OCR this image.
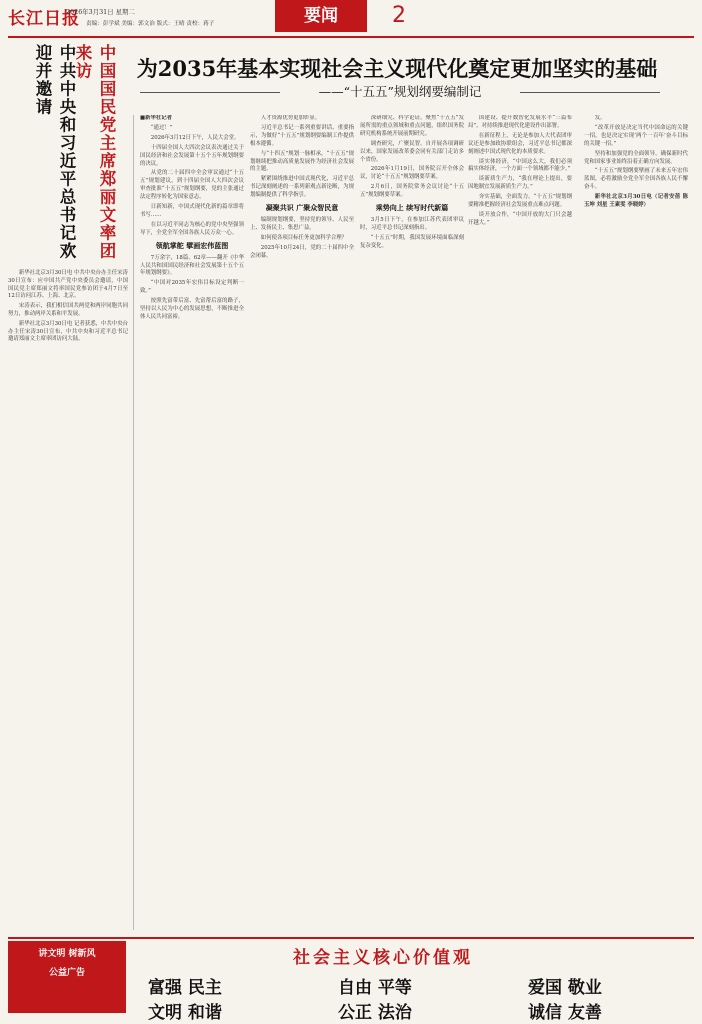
长江日报
2026年3月31日 星期二
责编：彭学斌 美编：郭文治 版式：王晴 责校：蒋子	要闻	2
中国国民党主席郑丽文率团来访
中共中央和习近平总书记欢迎并邀请

新华社北京3月30日电 中共中央台办主任宋涛30日宣布：应中国共产党中央委员会邀请，中国国民党主席郑丽文将率国民党参访团于4月7日至12日访问江苏、上海、北京。

宋涛表示，我们相信国共两党和两岸同胞共同努力，推动两岸关系和平发展。

新华社北京3月30日电 记者获悉，中共中央台办主任宋涛30日宣布，中共中央和习近平总书记邀请郑丽文主席率团访问大陆。

为2035年基本实现社会主义现代化奠定更加坚实的基础
——“十五五”规划纲要编制记

■新华社记者

“通过！”

2026年3月12日下午，人民大会堂。

十四届全国人大四次会议表决通过关于国民经济和社会发展第十五个五年规划纲要的决议。

从党的二十届四中全会审议通过“十五五”规划建议，到十四届全国人大四次会议审查批准“十五五”规划纲要，党的主张通过法定程序转化为国家意志。

日新知新，中国式现代化新的篇章即将书写……

在以习近平同志为核心的党中央坚强领导下，全党全军全国各族人民万众一心。

领航掌舵 擘画宏伟蓝图

7万余字，18篇、62章——翻开《中华人民共和国国民经济和社会发展第十五个五年规划纲要》。

“中国对2035年宏伟目标设定判断一致。”

按照先富带后富、先富帮后富的路子，坚持以人民为中心的发展思想，不断推进全体人民共同富裕。

人才资源优势更加彰显。

习近平总书记一系列重要讲话、重要指示，为做好“十五五”规划纲要编制工作提供根本遵循。

与“十四五”规划一脉相承，“十五五”规划继续把推动高质量发展作为经济社会发展的主题。

紧紧围绕推进中国式现代化，习近平总书记深刻阐述的一系列新观点新论断，为规划编制提供了科学指引。

凝聚共识 广聚众智民意

编制规划纲要，坚持党的领导、人民至上、发扬民主、集思广益。

如何使各项目标任务更加科学合理？

2025年10月24日，党的二十届四中全会闭幕。

深研细究、科学论证。聚焦“十五五”发展所需的重点领域和重点问题，组织国务院研究机构系统开展前期研究。

调查研究，广聚民智。自开展各项调研以来，国家发展改革委会同有关部门走访多个省份。

2026年1月19日，国务院召开全体会议，讨论“十五五”规划纲要草案。

2月6日，国务院常务会议讨论“十五五”规划纲要草案。

乘势向上 续写时代新篇

3月5日下午，在参加江苏代表团审议时，习近平总书记深刻指出。

“十五五”时期，我国发展环境面临深刻复杂变化。

国建设、提升数智化发展水平“三篇布局”，对持续推进现代化建设作出部署。

在新征程上，无论是参加人大代表团审议还是参加政协联组会，习近平总书记都深刻阐述中国式现代化的本质要求。

谈实体经济，“中国这么大，我们必须搞实体经济，一个方面一个领域都不能少。”

谈新质生产力，“我在理论上提出，要因地制宜发展新质生产力。”

夯实基础，全面发力。“十五五”规划纲要精准把握经济社会发展重点难点问题。

谈开放合作，“中国开放的大门只会越开越大。”

发。

“改革开放是决定当代中国命运的关键一招，也是决定实现‘两个一百年’奋斗目标的关键一招。”

坚持和加强党的全面领导，确保新时代党和国家事业始终沿着正确方向发展。

“十五五”规划纲要擘画了未来五年宏伟蓝图，必将激励全党全军全国各族人民不懈奋斗。

新华社北京3月30日电（记者安蓓 陈玉坤 刘星 王素雯 李晓婷）

讲文明 树新风
公益广告
社会主义核心价值观
富强 民主 文明 和谐
自由 平等 公正 法治
爱国 敬业 诚信 友善
